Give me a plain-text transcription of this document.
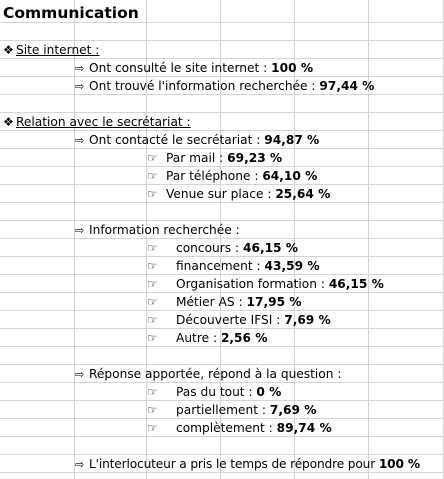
Communication
❖ Site internet :
⇨ Ont consulté le site internet : 100 %
⇨ Ont trouvé l'information recherchée : 97,44 %
❖ Relation avec le secrétariat :
⇨ Ont contacté le secrétariat : 94,87 %
☞ Par mail : 69,23 %
☞ Par téléphone : 64,10 %
☞ Venue sur place : 25,64 %
⇨ Information recherchée :
☞ concours : 46,15 %
☞ financement : 43,59 %
☞ Organisation formation : 46,15 %
☞ Métier AS : 17,95 %
☞ Découverte IFSI : 7,69 %
☞ Autre : 2,56 %
⇨ Réponse apportée, répond à la question :
☞ Pas du tout : 0 %
☞ partiellement : 7,69 %
☞ complètement : 89,74 %
⇨ L'interlocuteur a pris le temps de répondre pour 100 %
